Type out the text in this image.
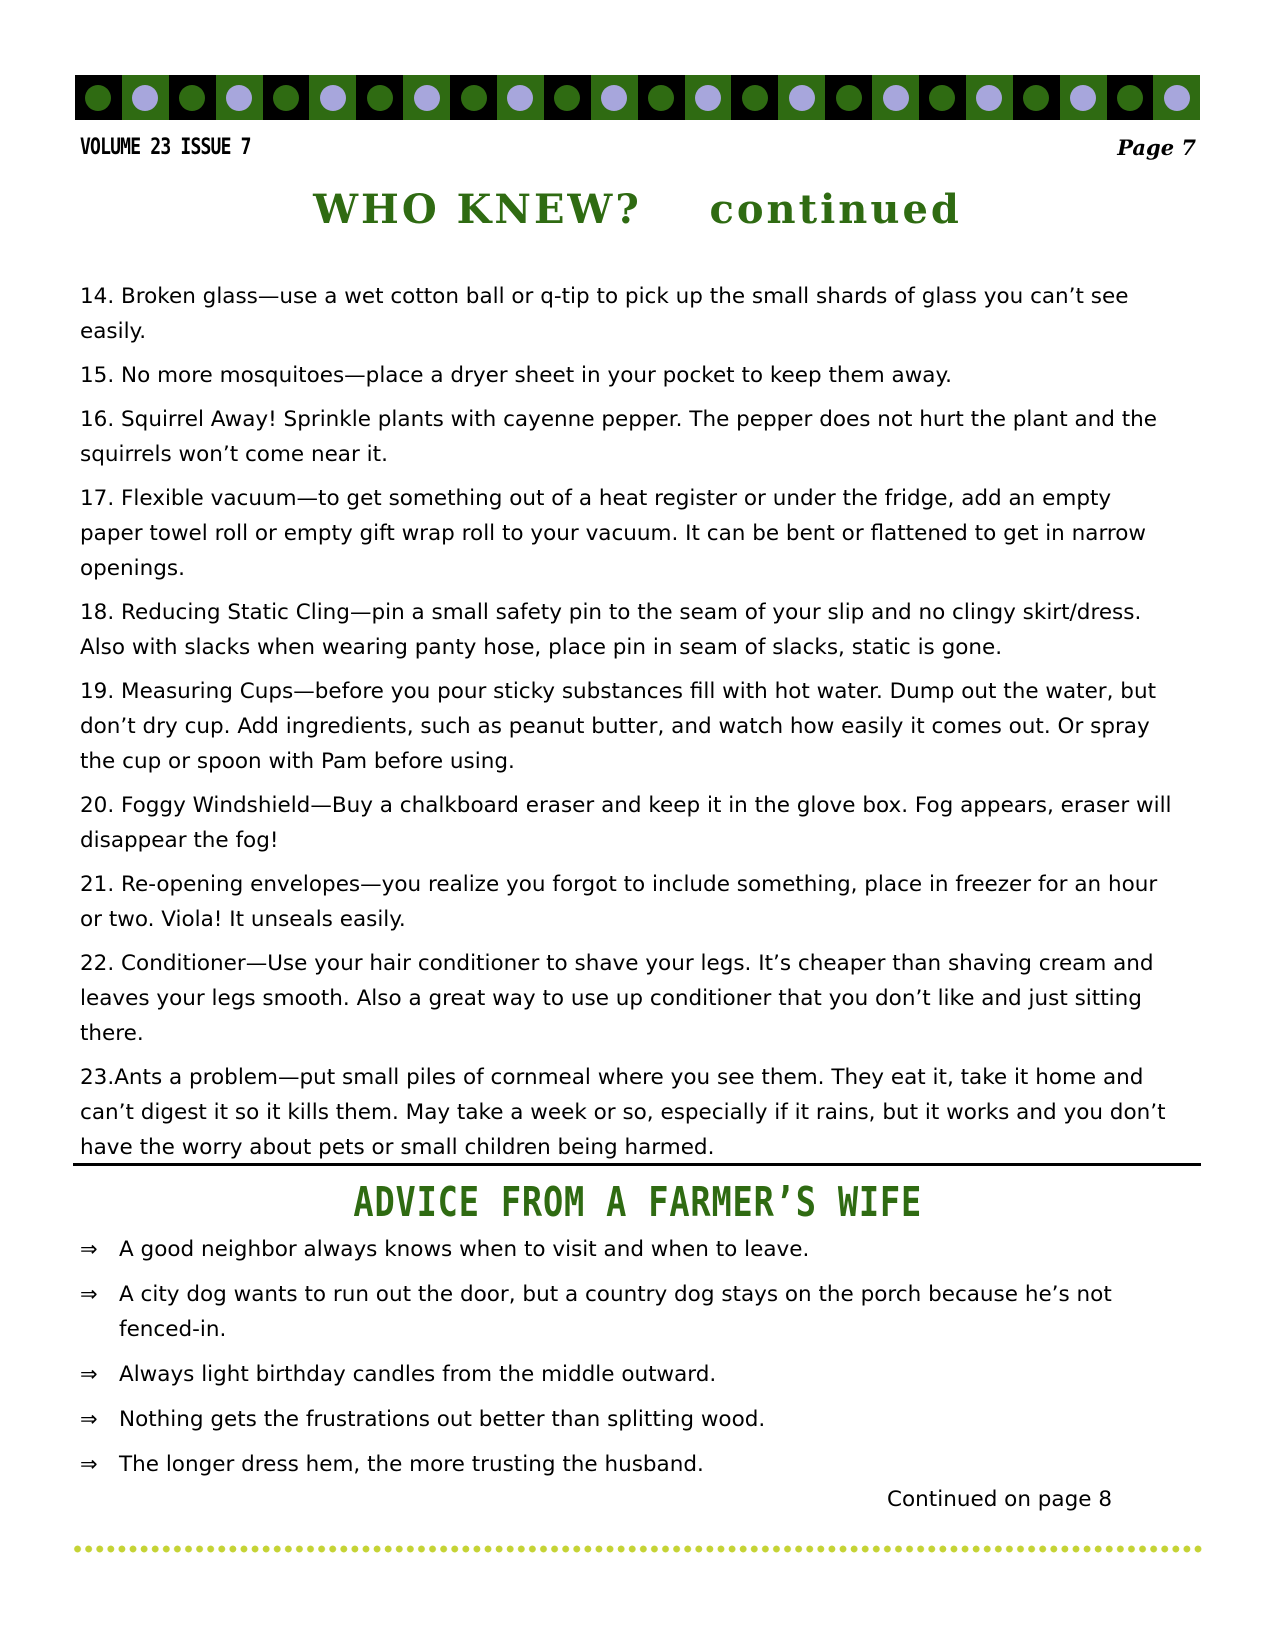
VOLUME 23 ISSUE 7	Page 7
WHO KNEW?    continued

14. Broken glass—use a wet cotton ball or q-tip to pick up the small shards of glass you can’t see easily.

15. No more mosquitoes—place a dryer sheet in your pocket to keep them away.

16. Squirrel Away! Sprinkle plants with cayenne pepper. The pepper does not hurt the plant and the squirrels won’t come near it.

17. Flexible vacuum—to get something out of a heat register or under the fridge, add an empty paper towel roll or empty gift wrap roll to your vacuum. It can be bent or flattened to get in narrow openings.

18. Reducing Static Cling—pin a small safety pin to the seam of your slip and no clingy skirt/dress. Also with slacks when wearing panty hose, place pin in seam of slacks, static is gone.

19. Measuring Cups—before you pour sticky substances fill with hot water. Dump out the water, but don’t dry cup. Add ingredients, such as peanut butter, and watch how easily it comes out. Or spray the cup or spoon with Pam before using.

20. Foggy Windshield—Buy a chalkboard eraser and keep it in the glove box. Fog appears, eraser will disappear the fog!

21. Re-opening envelopes—you realize you forgot to include something, place in freezer for an hour or two. Viola! It unseals easily.

22. Conditioner—Use your hair conditioner to shave your legs. It’s cheaper than shaving cream and leaves your legs smooth. Also a great way to use up conditioner that you don’t like and just sitting there.

23.Ants a problem—put small piles of cornmeal where you see them. They eat it, take it home and can’t digest it so it kills them. May take a week or so, especially if it rains, but it works and you don’t have the worry about pets or small children being harmed.

ADVICE FROM A FARMER’S WIFE
⇒ A good neighbor always knows when to visit and when to leave.
⇒ A city dog wants to run out the door, but a country dog stays on the porch because he’s not fenced-in.
⇒ Always light birthday candles from the middle outward.
⇒ Nothing gets the frustrations out better than splitting wood.
⇒ The longer dress hem, the more trusting the husband.
Continued on page 8
